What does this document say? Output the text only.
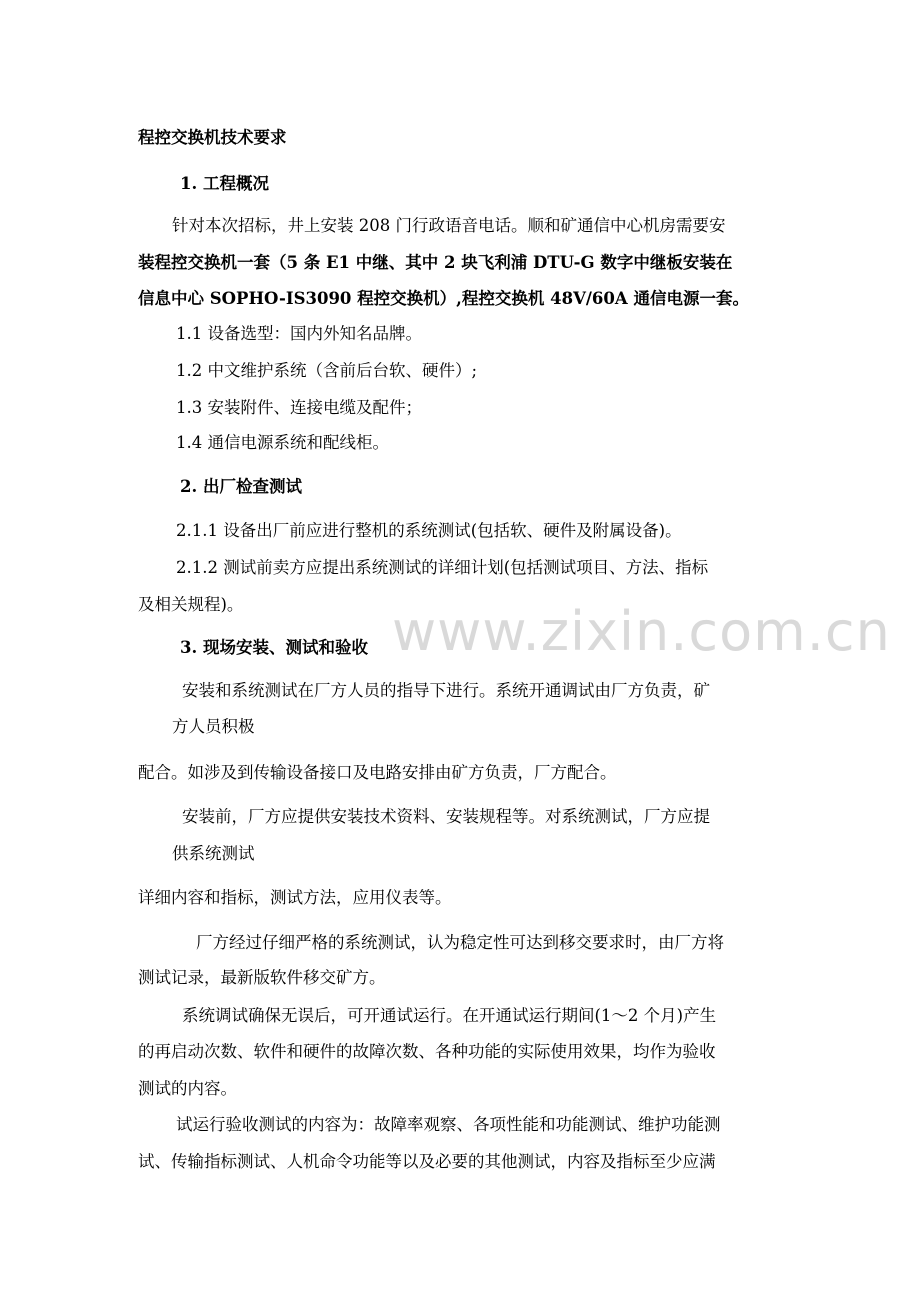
程控交换机技术要求
1. 工程概况
针对本次招标，井上安装 208 门行政语音电话。顺和矿通信中心机房需要安
装程控交换机一套（5 条 E1 中继、其中 2 块飞利浦 DTU-G 数字中继板安装在
信息中心 SOPHO-IS3090 程控交换机）,程控交换机 48V/60A 通信电源一套。
1.1 设备选型：国内外知名品牌。
1.2 中文维护系统（含前后台软、硬件）;
1.3 安装附件、连接电缆及配件；
1.4 通信电源系统和配线柜。
2. 出厂检查测试
2.1.1 设备出厂前应进行整机的系统测试(包括软、硬件及附属设备)。
2.1.2 测试前卖方应提出系统测试的详细计划(包括测试项目、方法、指标
及相关规程)。
3. 现场安装、测试和验收
安装和系统测试在厂方人员的指导下进行。系统开通调试由厂方负责，矿
方人员积极
配合。如涉及到传输设备接口及电路安排由矿方负责，厂方配合。
安装前，厂方应提供安装技术资料、安装规程等。对系统测试，厂方应提
供系统测试
详细内容和指标，测试方法，应用仪表等。
厂方经过仔细严格的系统测试，认为稳定性可达到移交要求时，由厂方将
测试记录，最新版软件移交矿方。
系统调试确保无误后，可开通试运行。在开通试运行期间(1～2 个月)产生
的再启动次数、软件和硬件的故障次数、各种功能的实际使用效果，均作为验收
测试的内容。
试运行验收测试的内容为：故障率观察、各项性能和功能测试、维护功能测
试、传输指标测试、人机命令功能等以及必要的其他测试，内容及指标至少应满
www.zixin.com.cn
